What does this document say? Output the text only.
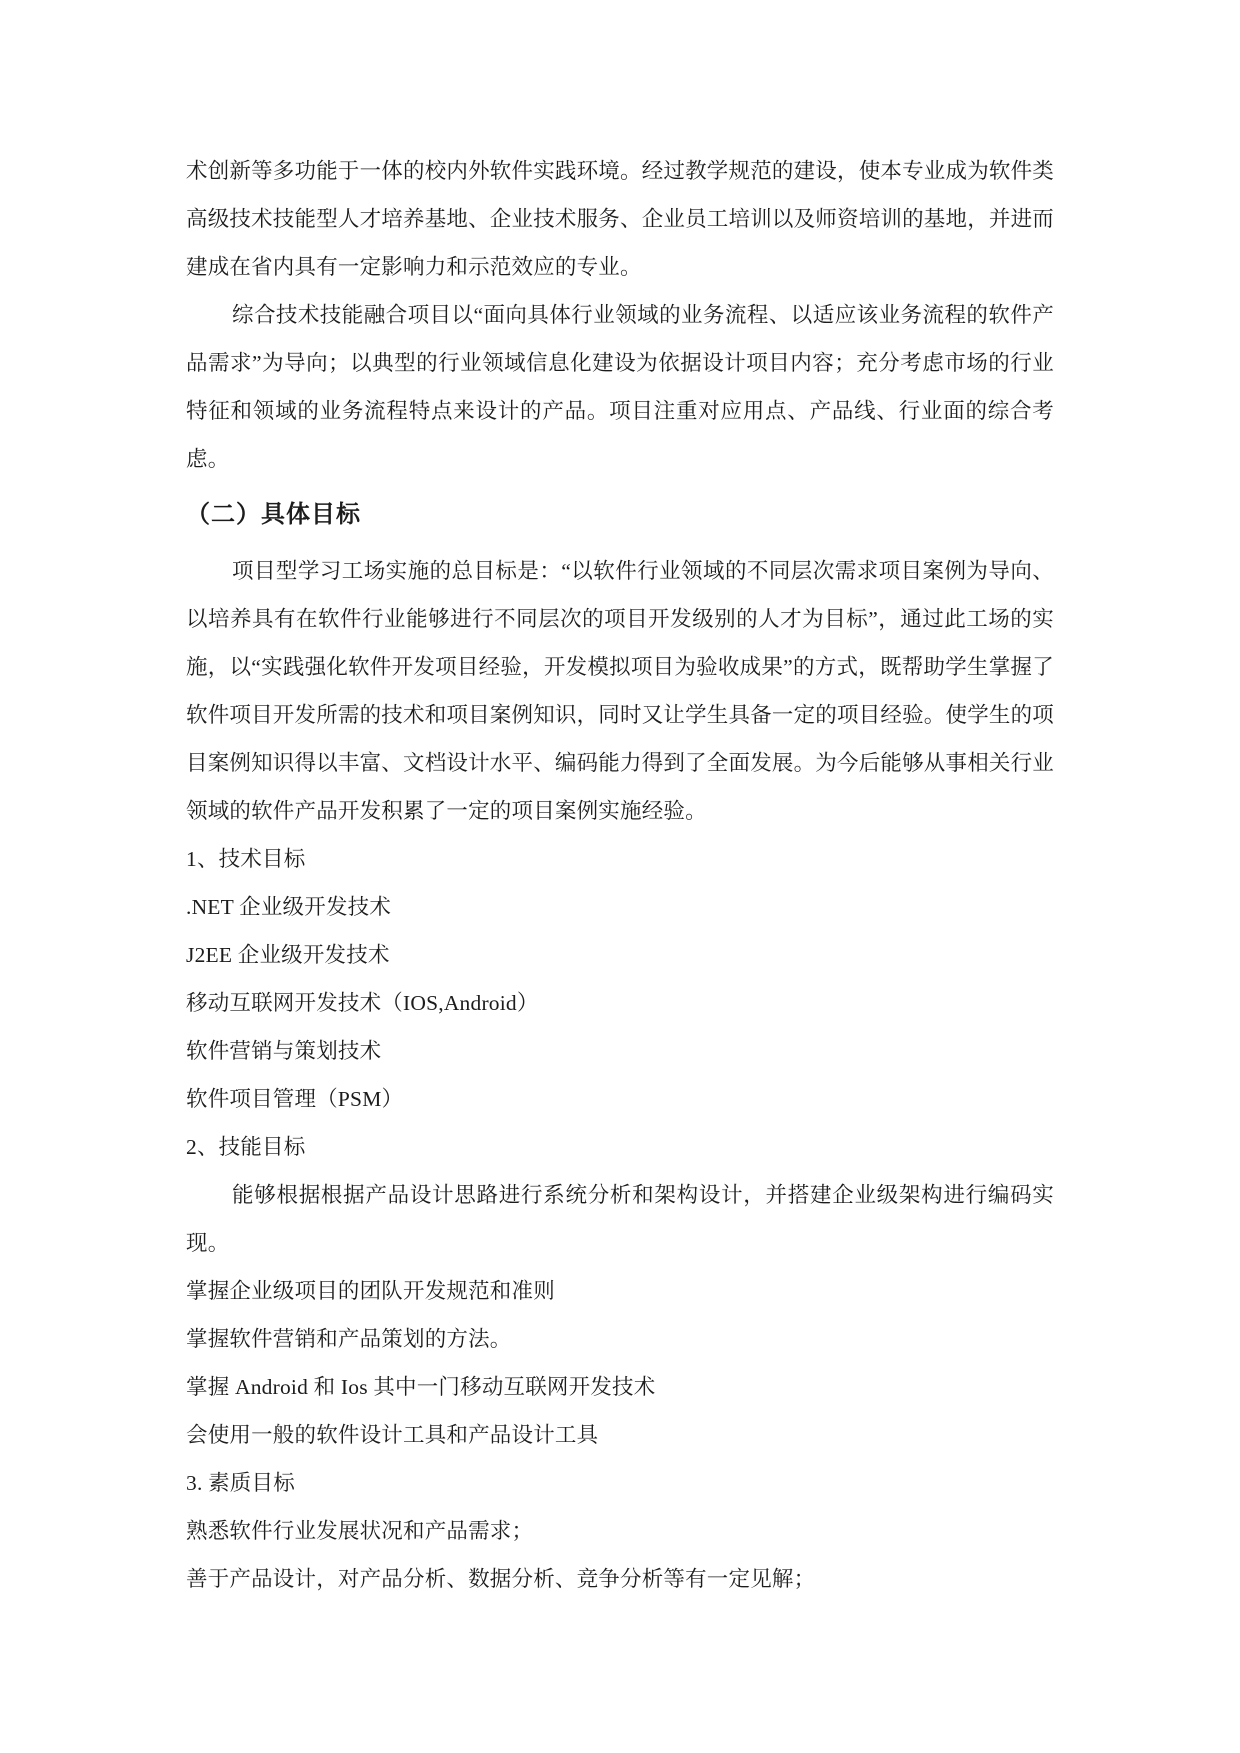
术创新等多功能于一体的校内外软件实践环境。经过教学规范的建设，使本专业成为软件类高级技术技能型人才培养基地、企业技术服务、企业员工培训以及师资培训的基地，并进而建成在省内具有一定影响力和示范效应的专业。

综合技术技能融合项目以“面向具体行业领域的业务流程、以适应该业务流程的软件产品需求”为导向；以典型的行业领域信息化建设为依据设计项目内容；充分考虑市场的行业特征和领域的业务流程特点来设计的产品。项目注重对应用点、产品线、行业面的综合考虑。

（二）具体目标

项目型学习工场实施的总目标是：“以软件行业领域的不同层次需求项目案例为导向、以培养具有在软件行业能够进行不同层次的项目开发级别的人才为目标”，通过此工场的实施，以“实践强化软件开发项目经验，开发模拟项目为验收成果”的方式，既帮助学生掌握了软件项目开发所需的技术和项目案例知识，同时又让学生具备一定的项目经验。使学生的项目案例知识得以丰富、文档设计水平、编码能力得到了全面发展。为今后能够从事相关行业领域的软件产品开发积累了一定的项目案例实施经验。

1、技术目标

.NET 企业级开发技术

J2EE 企业级开发技术

移动互联网开发技术（IOS,Android）

软件营销与策划技术

软件项目管理（PSM）

2、技能目标

能够根据根据产品设计思路进行系统分析和架构设计，并搭建企业级架构进行编码实现。

掌握企业级项目的团队开发规范和准则

掌握软件营销和产品策划的方法。

掌握 Android 和 Ios 其中一门移动互联网开发技术

会使用一般的软件设计工具和产品设计工具

3. 素质目标

熟悉软件行业发展状况和产品需求；

善于产品设计，对产品分析、数据分析、竞争分析等有一定见解；
